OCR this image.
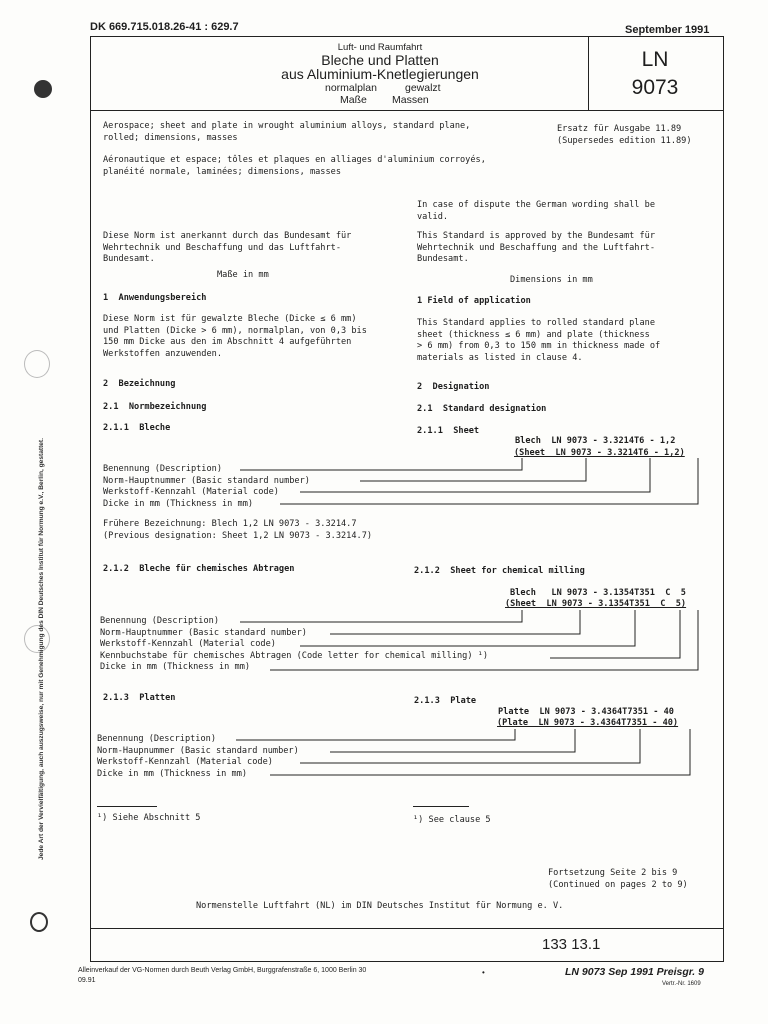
DK 669.715.018.26-41 : 629.7	September 1991
Luft- und Raumfahrt
Bleche und Platten
aus Aluminium-Knetlegierungen
normalplan	gewalzt
Maße Massen
LN
9073
Aerospace; sheet and plate in wrought aluminium alloys, standard plane,
rolled; dimensions, masses
Ersatz für Ausgabe 11.89
(Supersedes edition 11.89)
Aéronautique et espace; tôles et plaques en alliages d'aluminium corroyés,
planéité normale, laminées; dimensions, masses
In case of dispute the German wording shall be
valid.
Diese Norm ist anerkannt durch das Bundesamt für
Wehrtechnik und Beschaffung und das Luftfahrt-
Bundesamt.
This Standard is approved by the Bundesamt für
Wehrtechnik und Beschaffung and the Luftfahrt-
Bundesamt.
Maße in mm	Dimensions in mm
1  Anwendungsbereich	1 Field of application
Diese Norm ist für gewalzte Bleche (Dicke ≤ 6 mm)
und Platten (Dicke > 6 mm), normalplan, von 0,3 bis
150 mm Dicke aus den im Abschnitt 4 aufgeführten
Werkstoffen anzuwenden.
This Standard applies to rolled standard plane
sheet (thickness ≤ 6 mm) and plate (thickness
> 6 mm) from 0,3 to 150 mm in thickness made of
materials as listed in clause 4.
2  Bezeichnung	2  Designation
2.1  Normbezeichnung	2.1  Standard designation
2.1.1  Bleche	2.1.1  Sheet
Blech  LN 9073 - 3.3214T6 - 1,2
(Sheet  LN 9073 - 3.3214T6 - 1,2)
Benennung (Description)
Norm-Hauptnummer (Basic standard number)
Werkstoff-Kennzahl (Material code)
Dicke in mm (Thickness in mm)
Frühere Bezeichnung: Blech 1,2 LN 9073 - 3.3214.7
(Previous designation: Sheet 1,2 LN 9073 - 3.3214.7)
2.1.2  Bleche für chemisches Abtragen	2.1.2  Sheet for chemical milling
Blech   LN 9073 - 3.1354T351  C  5
(Sheet  LN 9073 - 3.1354T351  C  5)
Benennung (Description)
Norm-Hauptnummer (Basic standard number)
Werkstoff-Kennzahl (Material code)
Kennbuchstabe für chemisches Abtragen (Code letter for chemical milling) ¹)
Dicke in mm (Thickness in mm)
2.1.3  Platten	2.1.3  Plate
Platte  LN 9073 - 3.4364T7351 - 40
(Plate  LN 9073 - 3.4364T7351 - 40)
Benennung (Description)
Norm-Haupnummer (Basic standard number)
Werkstoff-Kennzahl (Material code)
Dicke in mm (Thickness in mm)
¹) Siehe Abschnitt 5	¹) See clause 5
Fortsetzung Seite 2 bis 9
(Continued on pages 2 to 9)
Normenstelle Luftfahrt (NL) im DIN Deutsches Institut für Normung e. V.
133 13.1
Alleinverkauf der VG-Normen durch Beuth Verlag GmbH, Burggrafenstraße 6, 1000 Berlin 30
09.91
•	LN 9073 Sep 1991 Preisgr. 9
Vertr.-Nr. 1609
Jede Art der Vervielfältigung, auch auszugsweise, nur mit Genehmigung des DIN Deutsches Institut für Normung e.V., Berlin, gestattet.
